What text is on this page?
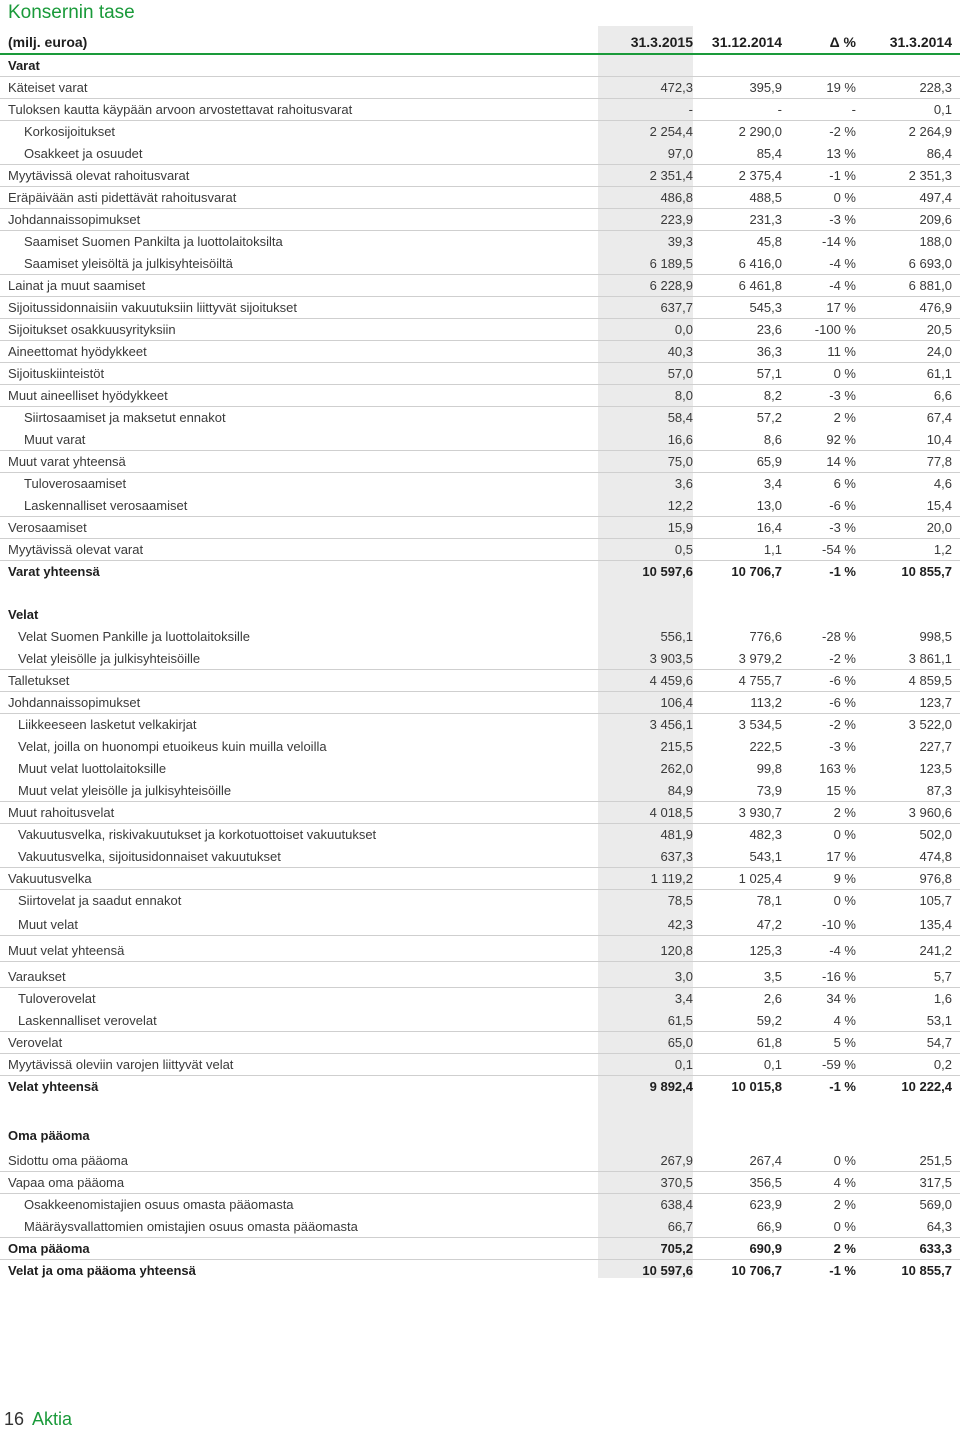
Konsernin tase
(milj. euroa)	31.3.2015 31.12.2014	Δ % 31.3.2014
Varat
Käteiset varat	472,3	395,9	19 %	228,3
Tuloksen kautta käypään arvoon arvostettavat rahoitusvarat	-	-	-	0,1
Korkosijoitukset	2 254,4	2 290,0	-2 %	2 264,9
Osakkeet ja osuudet	97,0	85,4	13 %	86,4
Myytävissä olevat rahoitusvarat	2 351,4	2 375,4	-1 %	2 351,3
Eräpäivään asti pidettävät rahoitusvarat	486,8	488,5	0 %	497,4
Johdannaissopimukset	223,9	231,3	-3 %	209,6
Saamiset Suomen Pankilta ja luottolaitoksilta	39,3	45,8	-14 %	188,0
Saamiset yleisöltä ja julkisyhteisöiltä	6 189,5	6 416,0	-4 %	6 693,0
Lainat ja muut saamiset	6 228,9	6 461,8	-4 %	6 881,0
Sijoitussidonnaisiin vakuutuksiin liittyvät sijoitukset	637,7	545,3	17 %	476,9
Sijoitukset osakkuusyrityksiin	0,0	23,6	-100 %	20,5
Aineettomat hyödykkeet	40,3	36,3	11 %	24,0
Sijoituskiinteistöt	57,0	57,1	0 %	61,1
Muut aineelliset hyödykkeet	8,0	8,2	-3 %	6,6
Siirtosaamiset ja maksetut ennakot	58,4	57,2	2 %	67,4
Muut varat	16,6	8,6	92 %	10,4
Muut varat yhteensä	75,0	65,9	14 %	77,8
Tuloverosaamiset	3,6	3,4	6 %	4,6
Laskennalliset verosaamiset	12,2	13,0	-6 %	15,4
Verosaamiset	15,9	16,4	-3 %	20,0
Myytävissä olevat varat	0,5	1,1	-54 %	1,2
Varat yhteensä	10 597,6	10 706,7	-1 %	10 855,7
Velat
Velat Suomen Pankille ja luottolaitoksille	556,1	776,6	-28 %	998,5
Velat yleisölle ja julkisyhteisöille	3 903,5	3 979,2	-2 %	3 861,1
Talletukset	4 459,6	4 755,7	-6 %	4 859,5
Johdannaissopimukset	106,4	113,2	-6 %	123,7
Liikkeeseen lasketut velkakirjat	3 456,1	3 534,5	-2 %	3 522,0
Velat, joilla on huonompi etuoikeus kuin muilla veloilla	215,5	222,5	-3 %	227,7
Muut velat luottolaitoksille	262,0	99,8	163 %	123,5
Muut velat yleisölle ja julkisyhteisöille	84,9	73,9	15 %	87,3
Muut rahoitusvelat	4 018,5	3 930,7	2 %	3 960,6
Vakuutusvelka, riskivakuutukset ja korkotuottoiset vakuutukset	481,9	482,3	0 %	502,0
Vakuutusvelka, sijoitusidonnaiset vakuutukset	637,3	543,1	17 %	474,8
Vakuutusvelka	1 119,2	1 025,4	9 %	976,8
Siirtovelat ja saadut ennakot	78,5	78,1	0 %	105,7
Muut velat	42,3	47,2	-10 %	135,4
Muut velat yhteensä	120,8	125,3	-4 %	241,2
Varaukset	3,0	3,5	-16 %	5,7
Tuloverovelat	3,4	2,6	34 %	1,6
Laskennalliset verovelat	61,5	59,2	4 %	53,1
Verovelat	65,0	61,8	5 %	54,7
Myytävissä oleviin varojen liittyvät velat	0,1	0,1	-59 %	0,2
Velat yhteensä	9 892,4	10 015,8	-1 %	10 222,4
Oma pääoma
Sidottu oma pääoma	267,9	267,4	0 %	251,5
Vapaa oma pääoma	370,5	356,5	4 %	317,5
Osakkeenomistajien osuus omasta pääomasta	638,4	623,9	2 %	569,0
Määräysvallattomien omistajien osuus omasta pääomasta	66,7	66,9	0 %	64,3
Oma pääoma	705,2	690,9	2 %	633,3
Velat ja oma pääoma yhteensä	10 597,6	10 706,7	-1 %	10 855,7
16 Aktia
